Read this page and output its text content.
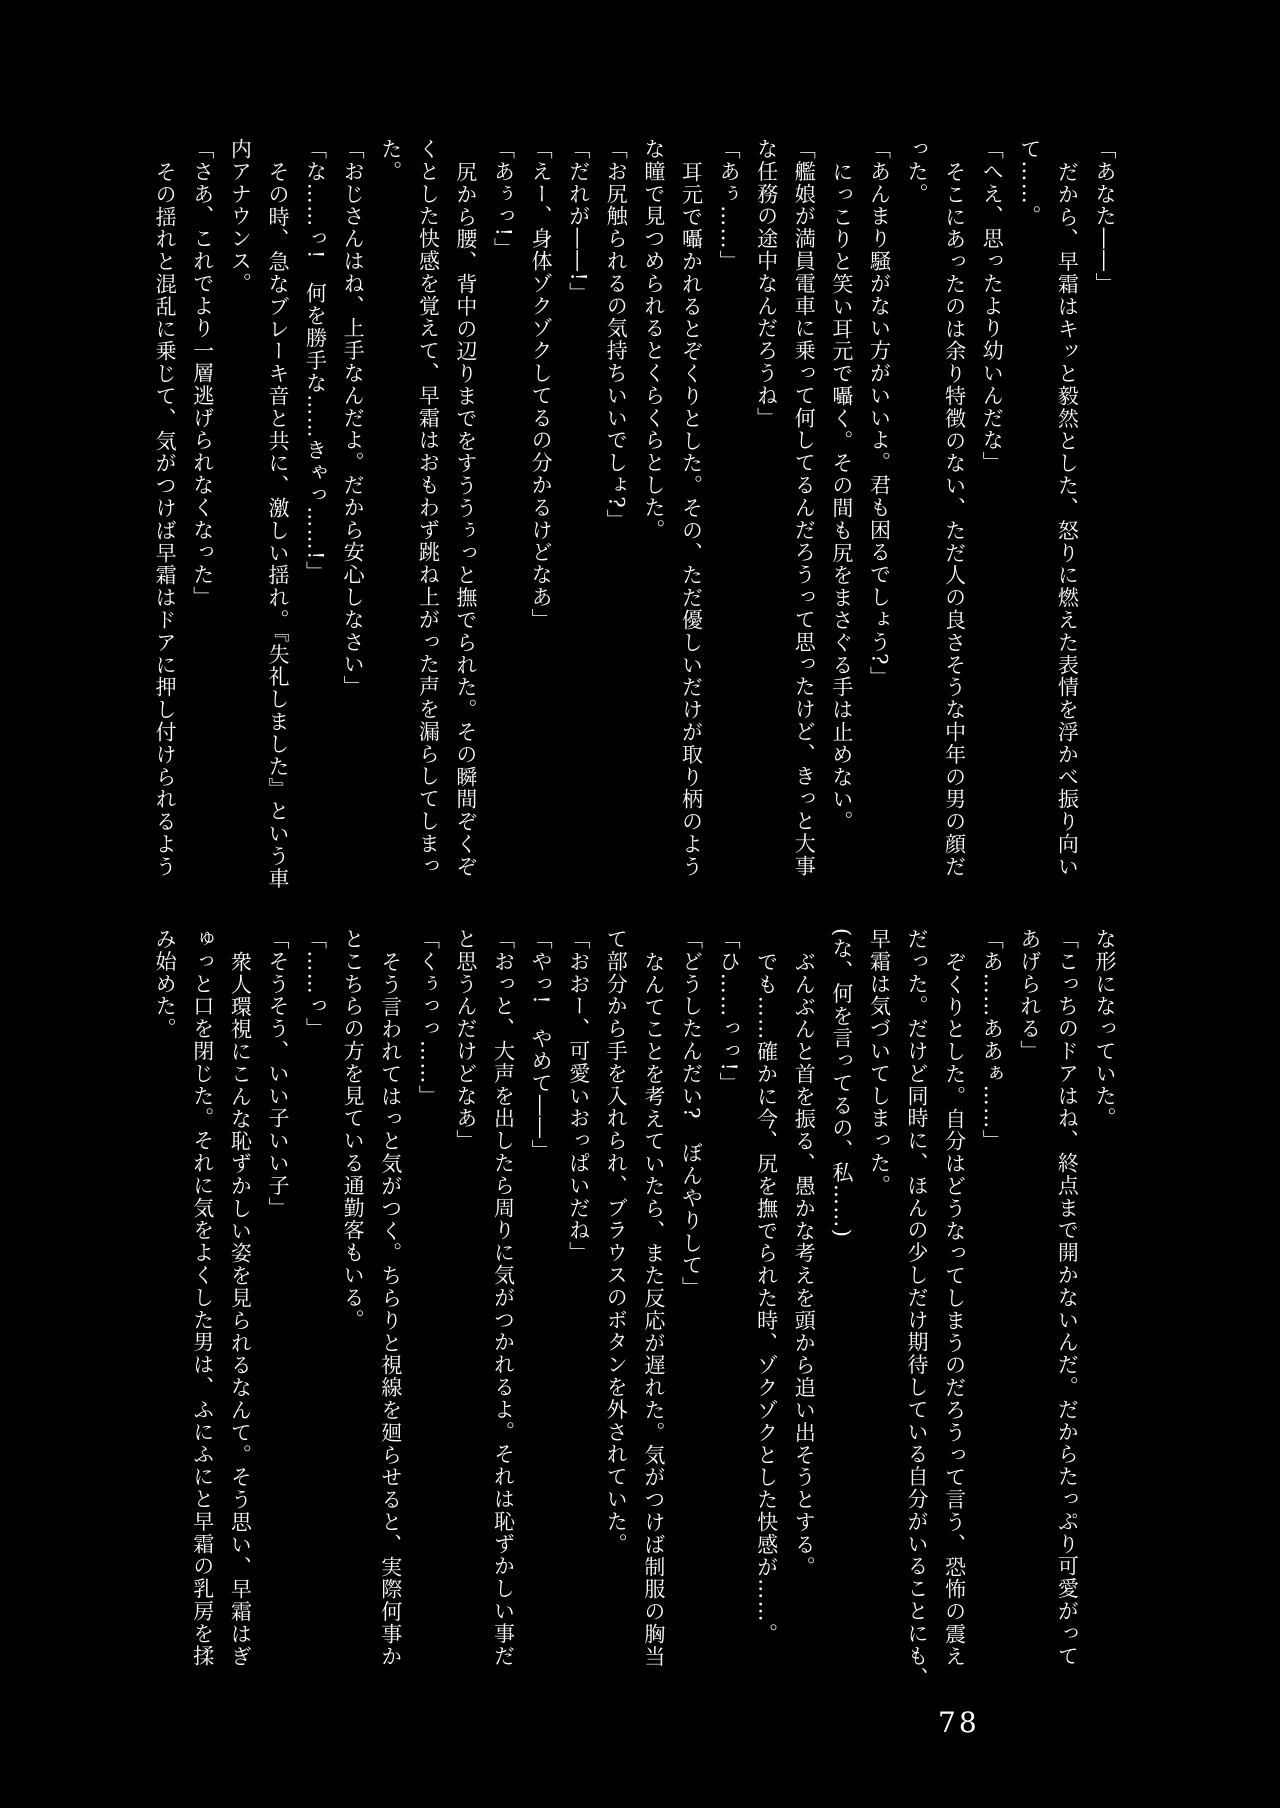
「あなた――」

だから、早霜はキッと毅然とした、怒りに燃えた表情を浮かべ振り向い

て……。

「へえ、思ったより幼いんだな」

そこにあったのは余り特徴のない、ただ人の良さそうな中年の男の顔だ

った。

「あんまり騒がない方がいいよ。君も困るでしょう?」

にっこりと笑い耳元で囁く。その間も尻をまさぐる手は止めない。

「艦娘が満員電車に乗って何してるんだろうって思ったけど、きっと大事

な任務の途中なんだろうね」

「あぅ……」

耳元で囁かれるとぞくりとした。その、ただ優しいだけが取り柄のよう

な瞳で見つめられるとくらくらとした。

「お尻触られるの気持ちいいでしょ?」

「だれが――!」

「えー、身体ゾクゾクしてるの分かるけどなあ」

「あぅっ!」

尻から腰、背中の辺りまでをすううぅっと撫でられた。その瞬間ぞくぞ

くとした快感を覚えて、早霜はおもわず跳ね上がった声を漏らしてしまっ

た。

「おじさんはね、上手なんだよ。だから安心しなさい」

「な……っ!　何を勝手な……きゃっ……!」

その時、急なブレーキ音と共に、激しい揺れ。『失礼しました』という車

内アナウンス。

「さあ、これでより一層逃げられなくなった」

その揺れと混乱に乗じて、気がつけば早霜はドアに押し付けられるよう

な形になっていた。

「こっちのドアはね、終点まで開かないんだ。だからたっぷり可愛がって

あげられる」

「あ……ああぁ……」

ぞくりとした。自分はどうなってしまうのだろうって言う、恐怖の震え

だった。だけど同時に、ほんの少しだけ期待している自分がいることにも、

早霜は気づいてしまった。

(な、何を言ってるの、私……)

ぶんぶんと首を振る、愚かな考えを頭から追い出そうとする。

でも……確かに今、尻を撫でられた時、ゾクゾクとした快感が……。

「ひ……っっ!」

「どうしたんだい?　ぼんやりして」

なんてことを考えていたら、また反応が遅れた。気がつけば制服の胸当

て部分から手を入れられ、ブラウスのボタンを外されていた。

「おおー、可愛いおっぱいだね」

「やっ!　やめて――」

「おっと、大声を出したら周りに気がつかれるよ。それは恥ずかしい事だ

と思うんだけどなあ」

「くぅっっ……」

そう言われてはっと気がつく。ちらりと視線を廻らせると、実際何事か

とこちらの方を見ている通勤客もいる。

「……っ」

「そうそう、いい子いい子」

衆人環視にこんな恥ずかしい姿を見られるなんて。そう思い、早霜はぎ

ゅっと口を閉じた。それに気をよくした男は、ふにふにと早霜の乳房を揉

み始めた。

78
